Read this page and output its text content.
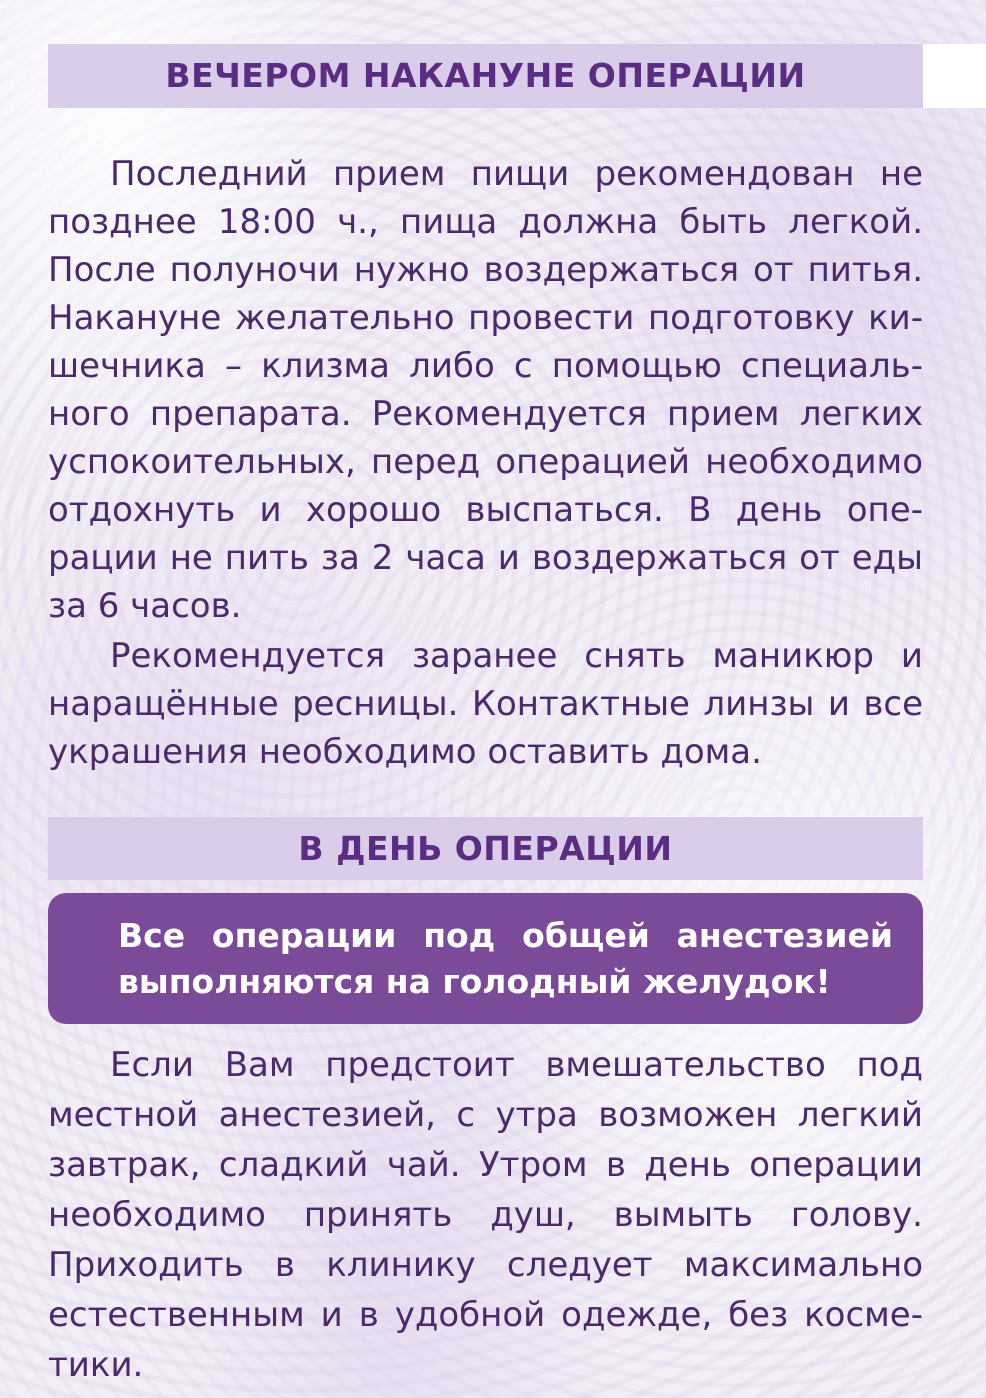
ВЕЧЕРОМ НАКАНУНЕ ОПЕРАЦИИ

Последний прием пищи рекомендован не позднее 18:00 ч., пища должна быть легкой. После полуночи нужно воздержаться от питья. Накануне желательно провести подготовку кишечника – клизма либо с помощью специального препарата. Рекомендуется прием легких успокоительных, перед операцией необходимо отдохнуть и хорошо выспаться. В день операции не пить за 2 часа и воздержаться от еды за 6 часов.

Рекомендуется заранее снять маникюр и наращённые ресницы. Контактные линзы и все украшения необходимо оставить дома.

В ДЕНЬ ОПЕРАЦИИ
Все операции под общей анестезией выполняются на голодный желудок!

Если Вам предстоит вмешательство под местной анестезией, с утра возможен легкий завтрак, сладкий чай. Утром в день операции необходимо принять душ, вымыть голову. Приходить в клинику следует максимально естественным и в удобной одежде, без косметики.
